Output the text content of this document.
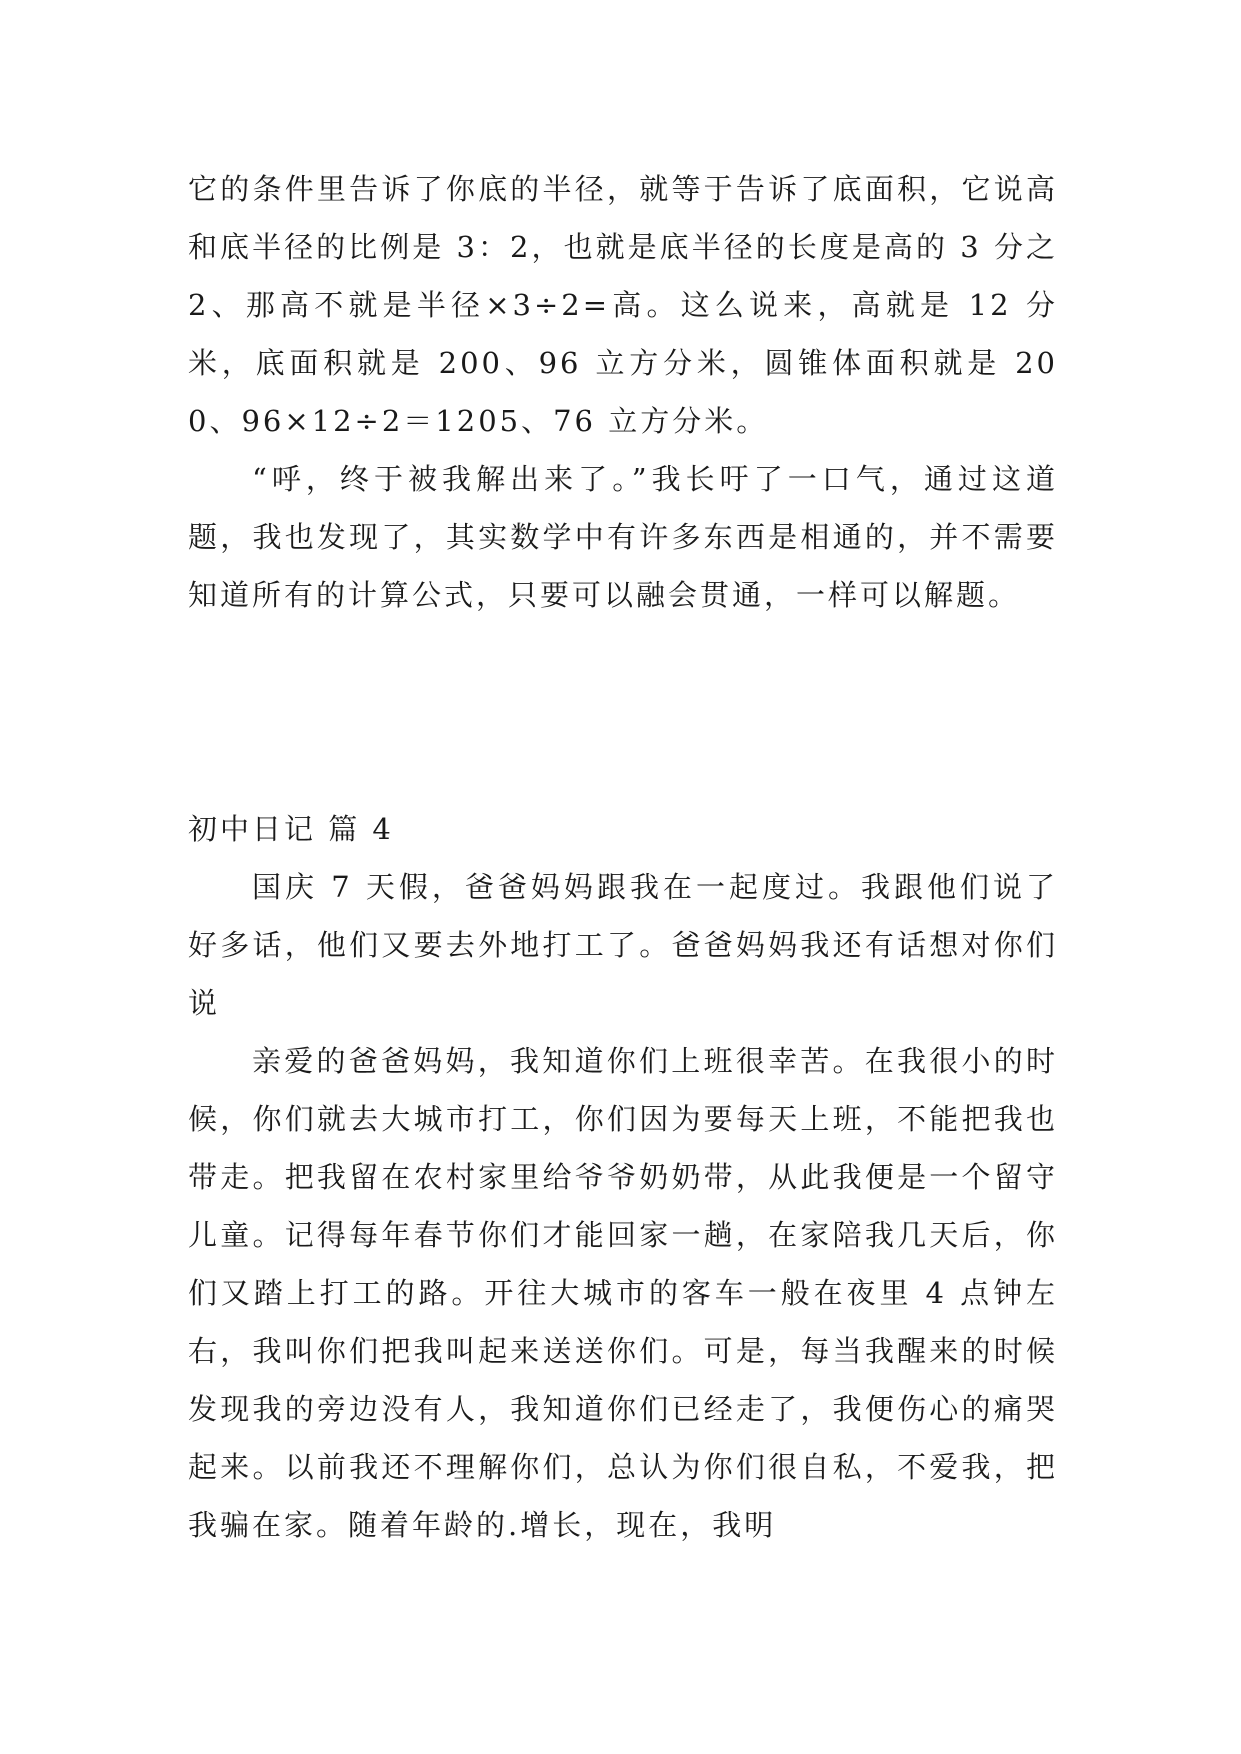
它的条件里告诉了你底的半径，就等于告诉了底面积，它说高和底半径的比例是 3：2，也就是底半径的长度是高的 3 分之 2、那高不就是半径×3÷2=高。这么说来，高就是 12 分米，底面积就是 200、96 立方分米，圆锥体面积就是 200、96×12÷2＝1205、76 立方分米。

“呼，终于被我解出来了。”我长吁了一口气，通过这道题，我也发现了，其实数学中有许多东西是相通的，并不需要知道所有的计算公式，只要可以融会贯通，一样可以解题。

初中日记 篇 4

国庆 7 天假，爸爸妈妈跟我在一起度过。我跟他们说了好多话，他们又要去外地打工了。爸爸妈妈我还有话想对你们说

亲爱的爸爸妈妈，我知道你们上班很幸苦。在我很小的时候，你们就去大城市打工，你们因为要每天上班，不能把我也带走。把我留在农村家里给爷爷奶奶带，从此我便是一个留守儿童。记得每年春节你们才能回家一趟，在家陪我几天后，你们又踏上打工的路。开往大城市的客车一般在夜里 4 点钟左右，我叫你们把我叫起来送送你们。可是，每当我醒来的时候发现我的旁边没有人，我知道你们已经走了，我便伤心的痛哭起来。以前我还不理解你们，总认为你们很自私，不爱我，把我骗在家。随着年龄的.增长，现在，我明
